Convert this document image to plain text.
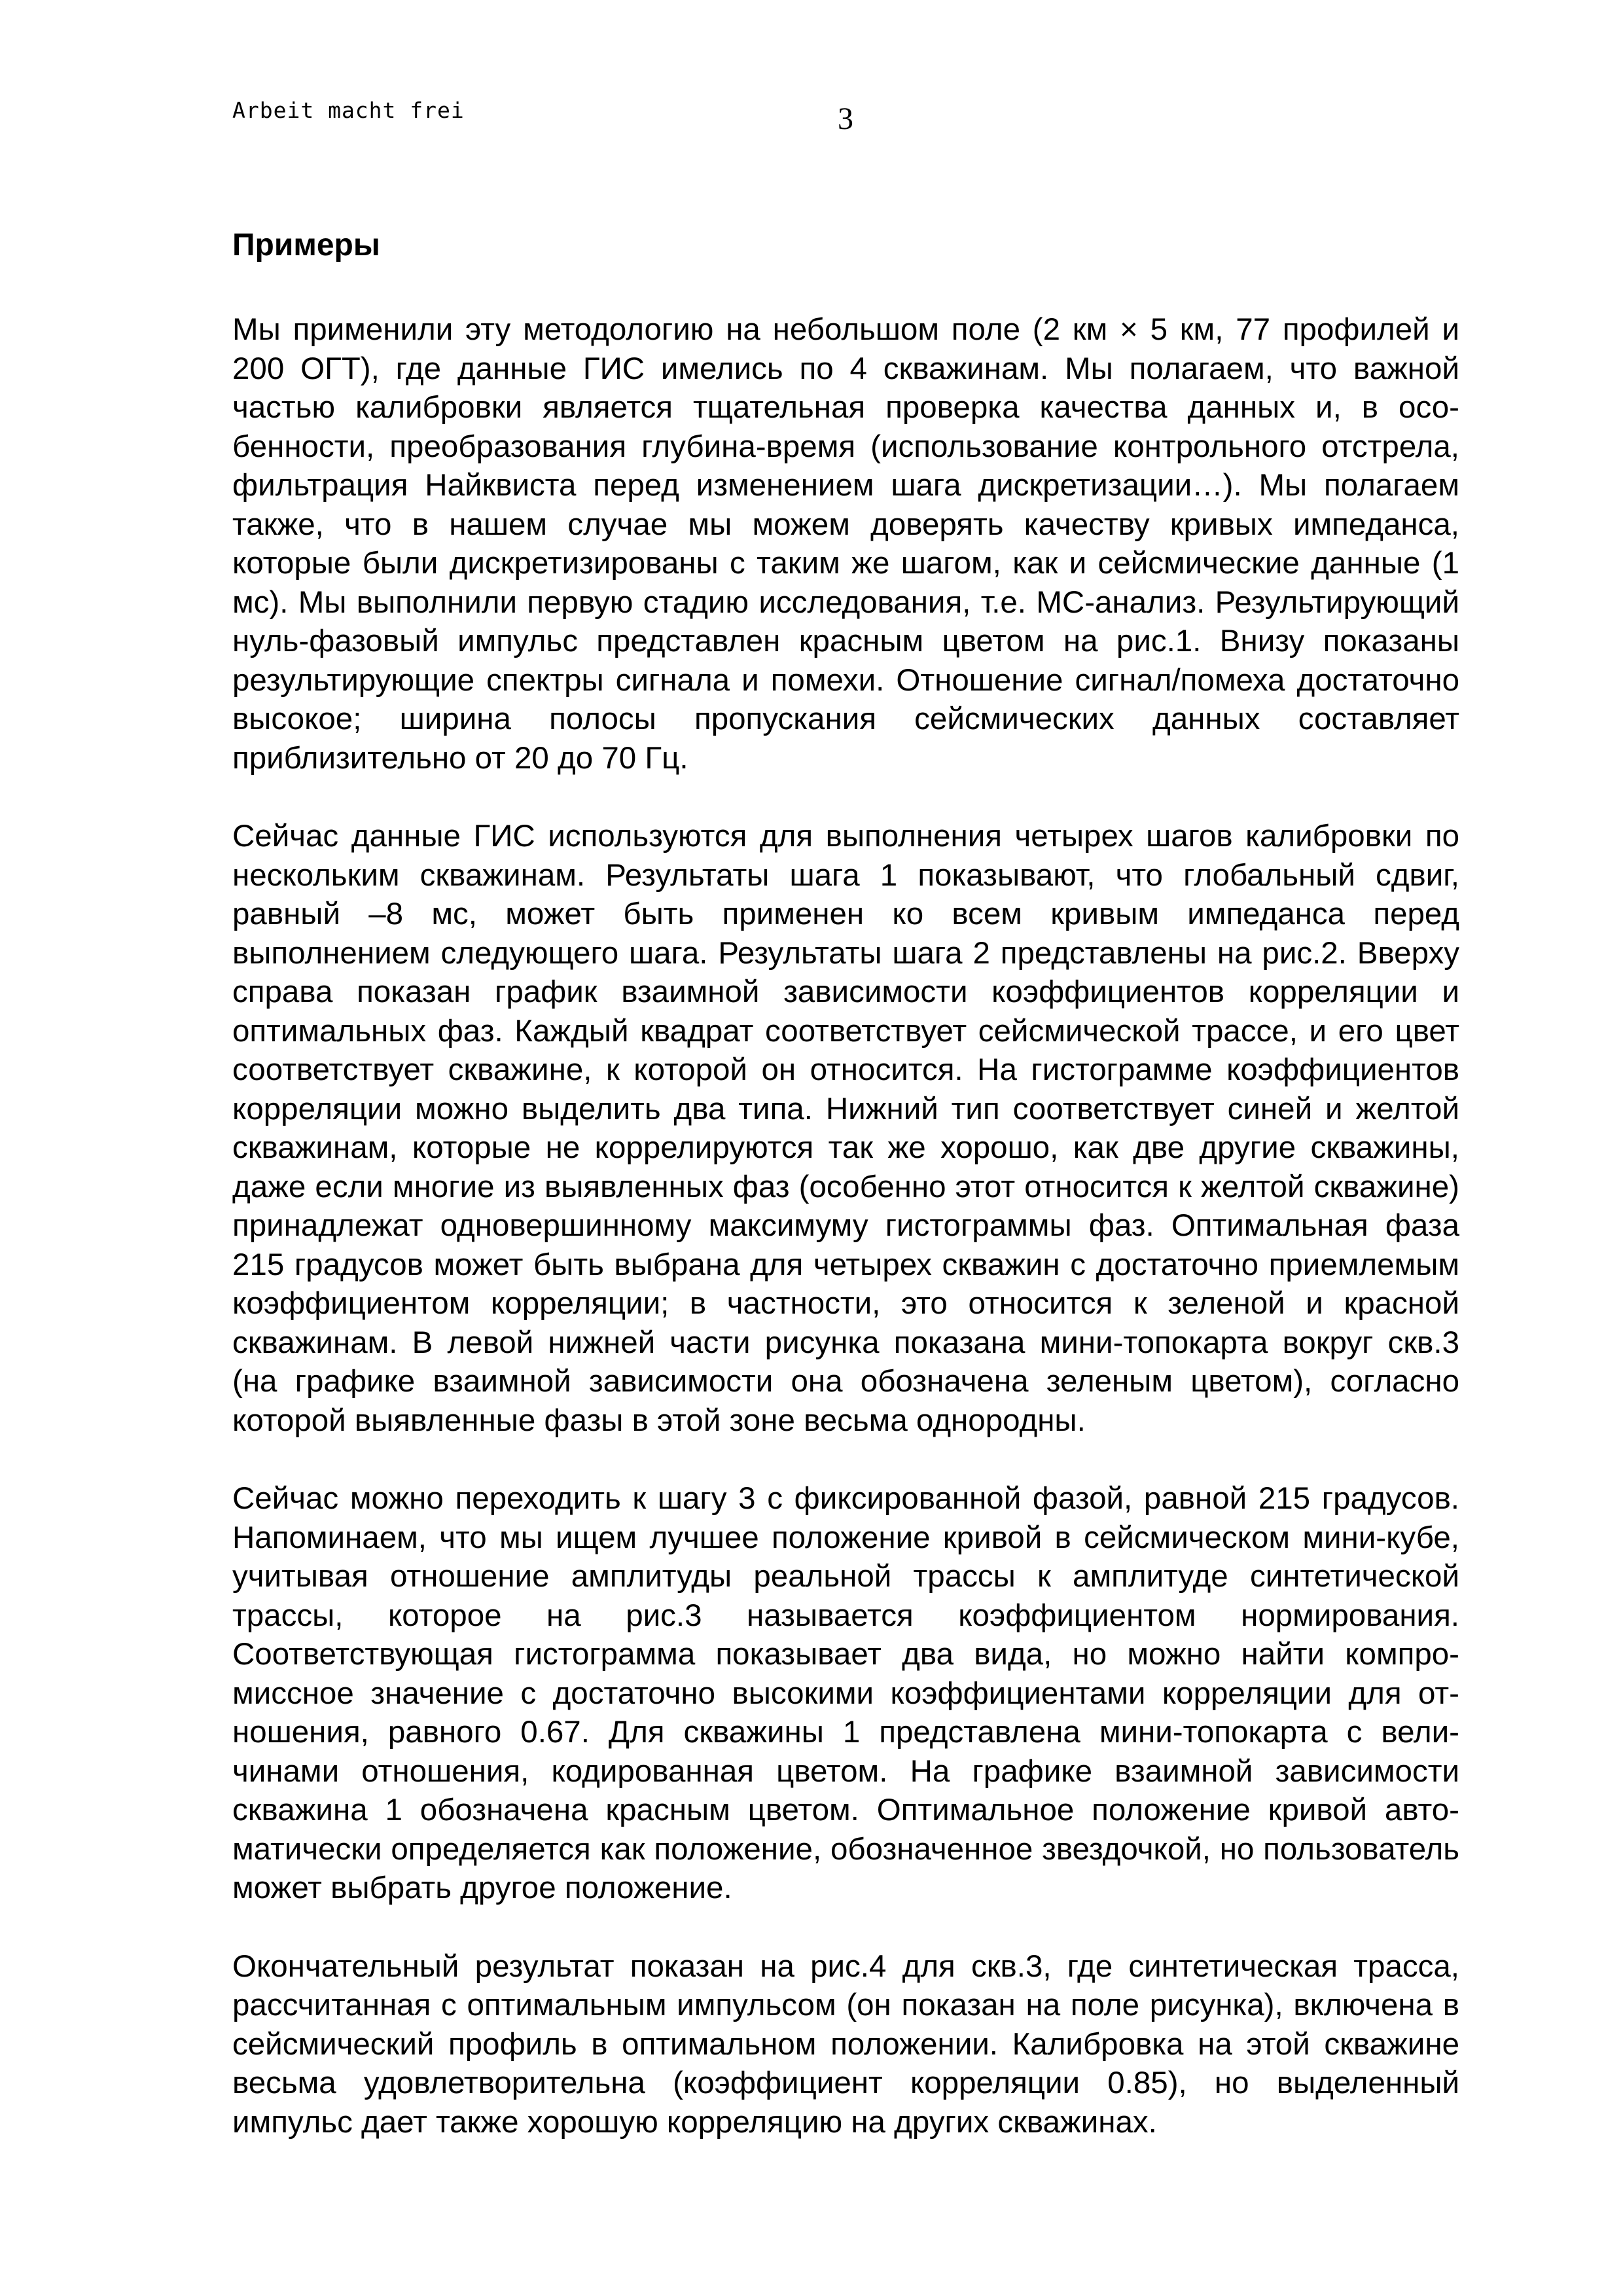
Arbeit macht frei	3
Примеры

Мы применили эту методологию на небольшом поле (2 км × 5 км, 77 профилей и 200 ОГТ), где данные ГИС имелись по 4 скважинам. Мы полагаем, что важной частью калибровки является тщательная проверка качества данных и, в особенности, преобразования глубина-время (использование контрольного отстрела, фильтрация Найквиста перед изменением шага дискретизации…). Мы полагаем также, что в нашем случае мы можем доверять качеству кривых импеданса, которые были дискретизированы с таким же шагом, как и сейсмические данные (1 мс). Мы выполнили первую стадию исследования, т.е. МС-анализ. Результирующий нуль-фазовый импульс представлен красным цветом на рис.1. Внизу показаны результирующие спектры сигнала и помехи. Отношение сигнал/помеха достаточно высокое; ширина полосы пропускания сейсмических данных составляет приблизительно от 20 до 70 Гц.

Сейчас данные ГИС используются для выполнения четырех шагов калибровки по нескольким скважинам. Результаты шага 1 показывают, что глобальный сдвиг, равный –8 мс, может быть применен ко всем кривым импеданса перед выполнением следующего шага. Результаты шага 2 представлены на рис.2. Вверху справа показан график взаимной зависимости коэффициентов корреляции и оптимальных фаз. Каждый квадрат соответствует сейсмической трассе, и его цвет соответствует скважине, к которой он относится. На гистограмме коэффициентов корреляции можно выделить два типа. Нижний тип соответствует синей и желтой скважинам, которые не коррелируются так же хорошо, как две другие скважины, даже если многие из выявленных фаз (особенно этот относится к желтой скважине) принадлежат одновершинному максимуму гистограммы фаз. Оптимальная фаза 215 градусов может быть выбрана для четырех скважин с достаточно приемлемым коэффициентом корреляции; в частности, это относится к зеленой и красной скважинам. В левой нижней части рисунка показана мини-топокарта вокруг скв.3 (на графике взаимной зависимости она обозначена зеленым цветом), согласно которой выявленные фазы в этой зоне весьма однородны.

Сейчас можно переходить к шагу 3 с фиксированной фазой, равной 215 градусов. Напоминаем, что мы ищем лучшее положение кривой в сейсмическом мини-кубе, учитывая отношение амплитуды реальной трассы к амплитуде синтетической трассы, которое на рис.3 называется коэффициентом нормирования. Соответствующая гистограмма показывает два вида, но можно найти компромиссное значение с достаточно высокими коэффициентами корреляции для отношения, равного 0.67. Для скважины 1 представлена мини-топокарта с величинами отношения, кодированная цветом. На графике взаимной зависимости скважина 1 обозначена красным цветом. Оптимальное положение кривой автоматически определяется как положение, обозначенное звездочкой, но пользователь может выбрать другое положение.

Окончательный результат показан на рис.4 для скв.3, где синтетическая трасса, рассчитанная с оптимальным импульсом (он показан на поле рисунка), включена в сейсмический профиль в оптимальном положении. Калибровка на этой скважине весьма удовлетворительна (коэффициент корреляции 0.85), но выделенный импульс дает также хорошую корреляцию на других скважинах.
